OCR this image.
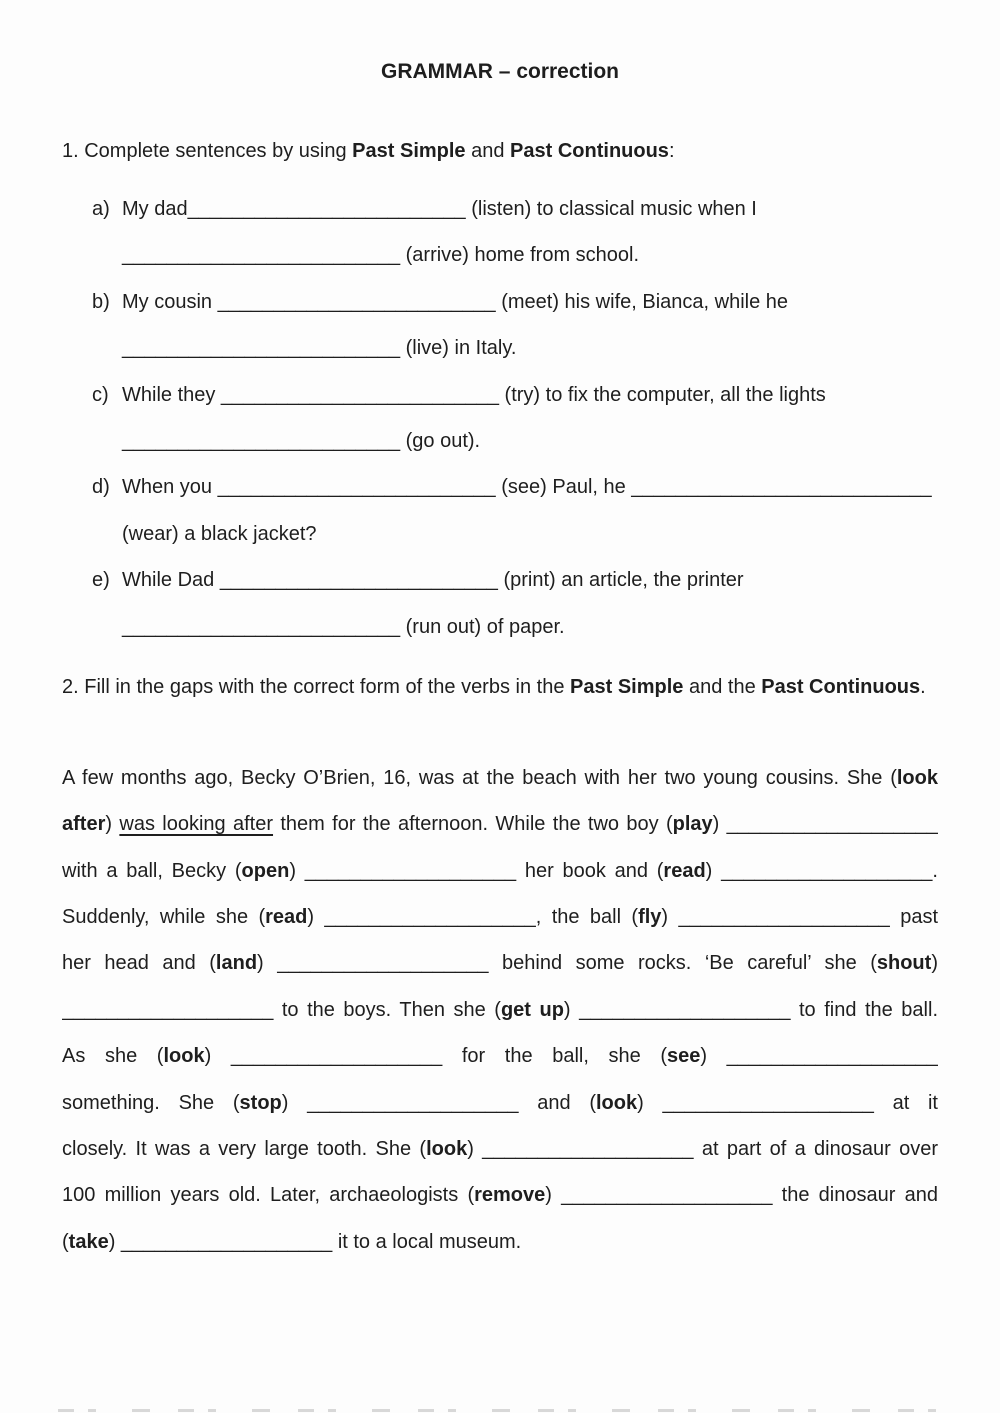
GRAMMAR – correction
1. Complete sentences by using Past Simple and Past Continuous:
a) My dad_________________________ (listen) to classical music when I
_________________________ (arrive) home from school.
b) My cousin _________________________ (meet) his wife, Bianca, while he
_________________________ (live) in Italy.
c) While they _________________________ (try) to fix the computer, all the lights
_________________________ (go out).
d) When you _________________________ (see) Paul, he ___________________________
(wear) a black jacket?
e) While Dad _________________________ (print) an article, the printer
_________________________ (run out) of paper.
2. Fill in the gaps with the correct form of the verbs in the Past Simple and the Past Continuous.
A few months ago, Becky O’Brien, 16, was at the beach with her two young cousins. She (look
after) was looking after them for the afternoon. While the two boy (play) ___________________
with a ball, Becky (open) ___________________ her book and (read) ___________________.
Suddenly, while she (read) ___________________, the ball (fly) ___________________ past
her head and (land) ___________________ behind some rocks. ‘Be careful’ she (shout)
___________________ to the boys. Then she (get up) ___________________ to find the ball.
As she (look) ___________________ for the ball, she (see) ___________________
something. She (stop) ___________________ and (look) ___________________ at it
closely. It was a very large tooth. She (look) ___________________ at part of a dinosaur over
100 million years old. Later, archaeologists (remove) ___________________ the dinosaur and
(take) ___________________ it to a local museum.
